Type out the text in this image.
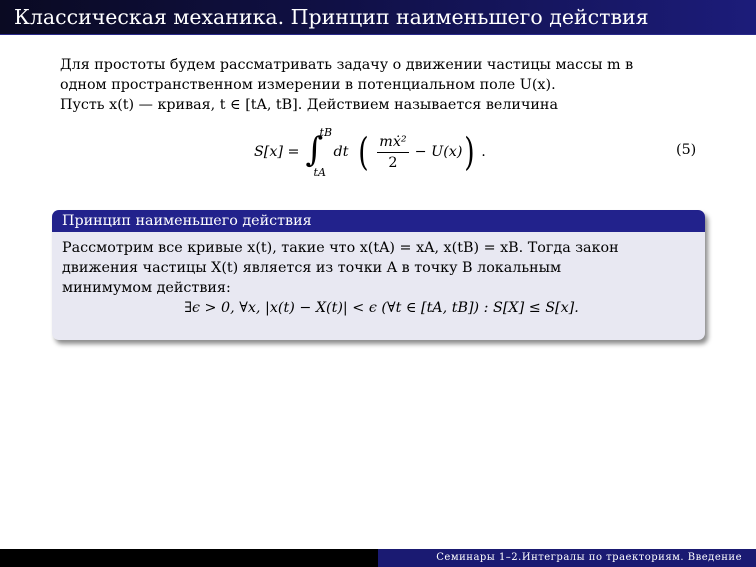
Классическая механика. Принцип наименьшего действия

Для простоты будем рассматривать задачу о движении частицы массы m в

одном пространственном измерении в потенциальном поле U(x).

Пусть x(t) — кривая, t ∈ [tA, tB]. Действием называется величина

S[x] = ∫
tB
tA
dt ( $\frac{\text{mẋ²}}{2} - U(x)$ ) .	(5)
Принцип наименьшего действия

Рассмотрим все кривые x(t), такие что x(tA) = xA, x(tB) = xB. Тогда закон

движения частицы X(t) является из точки A в точку B локальным

минимумом действия:

∃ϵ > 0, ∀x, |x(t) − X(t)| < ϵ (∀t ∈ [tA, tB]) : S[X] ≤ S[x].

Семинары 1–2.Интегралы по траекториям. Введение
